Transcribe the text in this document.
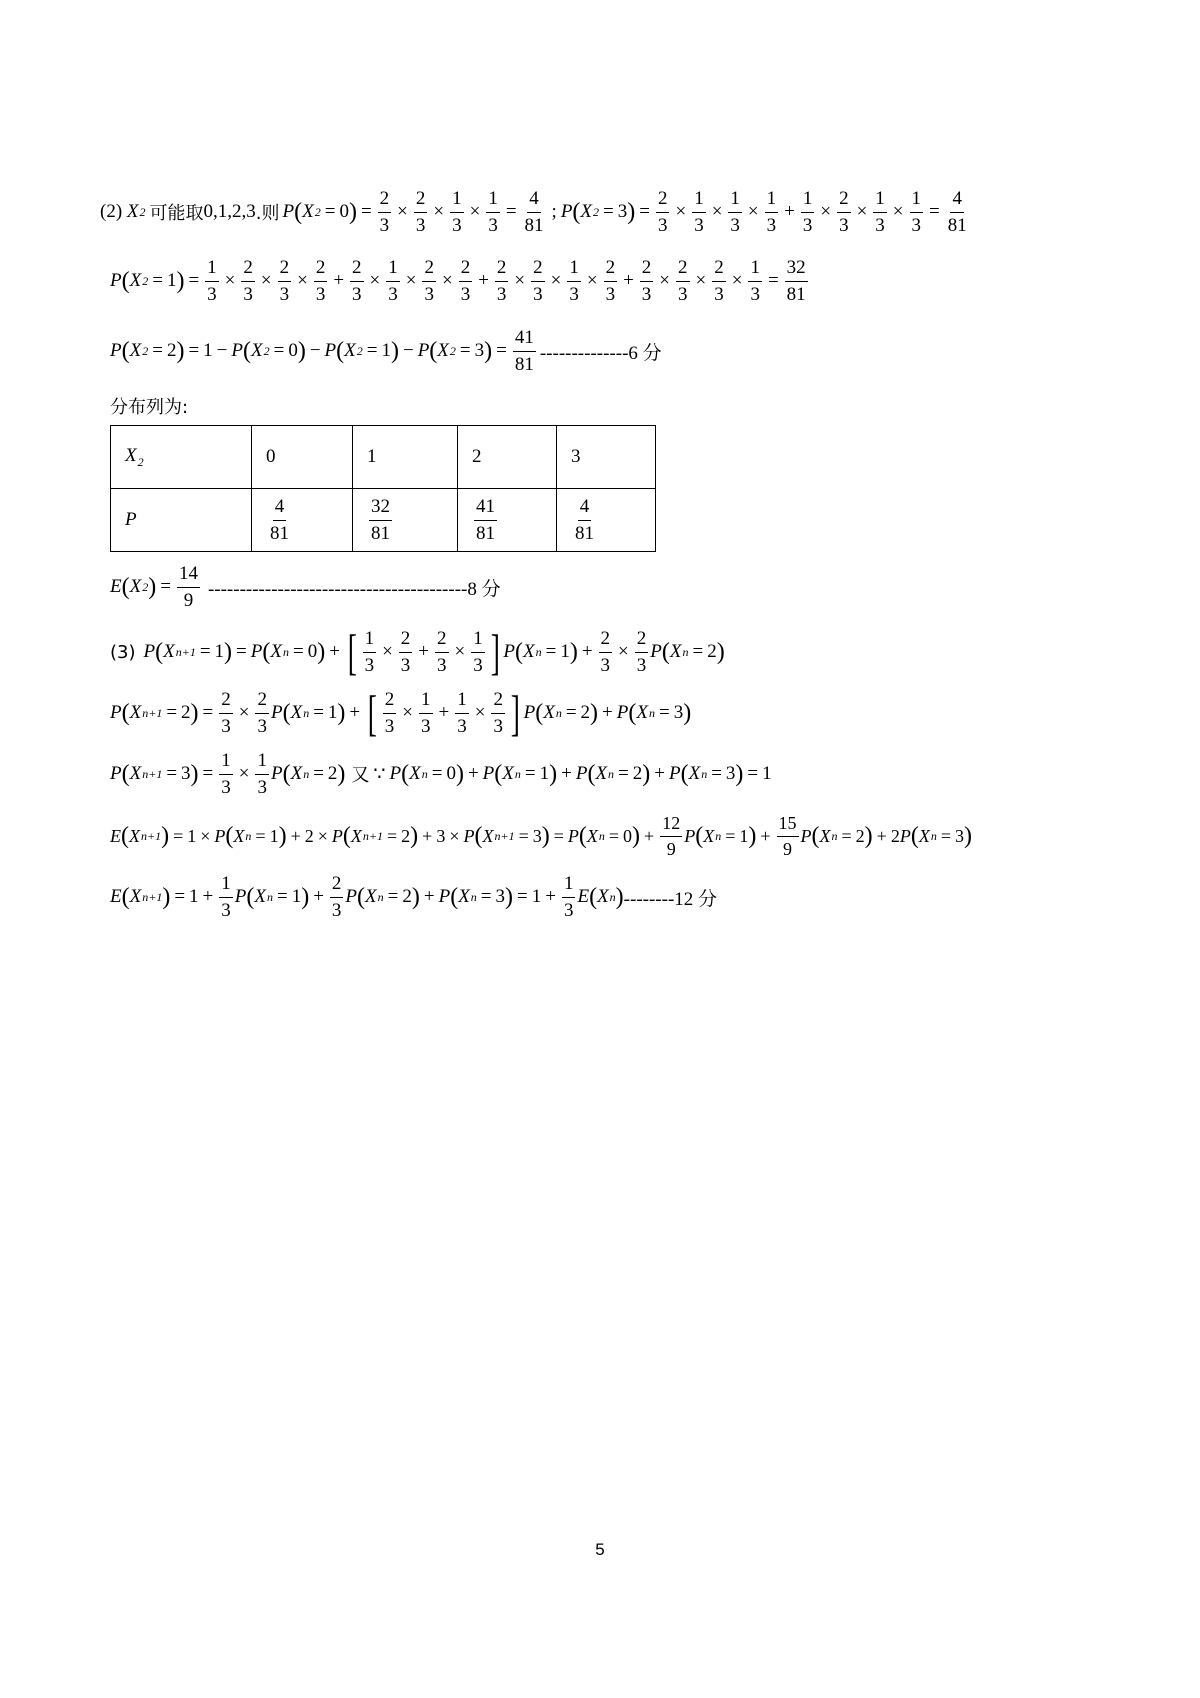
(2)
X 2 可能取 0,1,2,3 .则 P ( X 2 = 0 ) = $\frac{2}{3} \times \frac{2}{3} \times \frac{1}{3} \times \frac{1}{3} = \frac{4}{81}$ ; P ( X 2 = 3 ) = $\frac{2}{3} \times \frac{1}{3} \times \frac{1}{3} \times \frac{1}{3} + \frac{1}{3} \times \frac{2}{3} \times \frac{1}{3} \times \frac{1}{3} = \frac{4}{81}$
P ( X 2 = 1 ) = $\frac{1}{3} \times \frac{2}{3} \times \frac{2}{3} \times \frac{2}{3} + \frac{2}{3} \times \frac{1}{3} \times \frac{2}{3} \times \frac{2}{3} + \frac{2}{3} \times \frac{2}{3} \times \frac{1}{3} \times \frac{2}{3} + \frac{2}{3} \times \frac{2}{3} \times \frac{2}{3} \times \frac{1}{3} = \frac{32}{81}$
P ( X 2 = 2 ) = 1 − P ( X 2 = 0 ) − P ( X 2 = 1 ) − P ( X 2 = 3 ) = $\frac{41}{81} --------------6$ 分
分布列为:
$X_2$	0	1	2	3
P	$\frac{4}{81}$	$\frac{32}{81}$	$\frac{41}{81}$	$\frac{4}{81}$
E ( X 2 ) = $\frac{14}{9} -----------------------------------------8$ 分
(3) P ( X n+1 = 1 ) = P ( X n = 0 ) + [ $\frac{1}{3} \times \frac{2}{3} + \frac{2}{3} \times \frac{1}{3}$ ] P ( X n = 1 ) + $\frac{2}{3} \times \frac{2}{3}$ P ( X n = 2 )
P ( X n+1 = 2 ) = $\frac{2}{3} \times \frac{2}{3}$ P ( X n = 1 ) + [ $\frac{2}{3} \times \frac{1}{3} + \frac{1}{3} \times \frac{2}{3}$ ] P ( X n = 2 ) + P ( X n = 3 )
P ( X n+1 = 3 ) = $\frac{1}{3} \times \frac{1}{3}$ P ( X n = 2 ) 又 ∵ P ( X n = 0 ) + P ( X n = 1 ) + P ( X n = 2 ) + P ( X n = 3 ) = 1
E ( X n+1 ) = 1 × P ( X n = 1 ) + 2 × P ( X n+1 = 2 ) + 3 × P ( X n+1 = 3 ) = P ( X n = 0 ) + $\frac{12}{9}$ P ( X n = 1 ) + $\frac{15}{9}$ P ( X n = 2 ) + 2 P ( X n = 3 )
E ( X n+1 ) = $1 + \frac{1}{3}$ P ( X n = 1 ) + $\frac{2}{3}$ P ( X n = 2 ) + P ( X n = 3 ) = $1 + \frac{1}{3}$ E ( X n ) --------12 分
5
